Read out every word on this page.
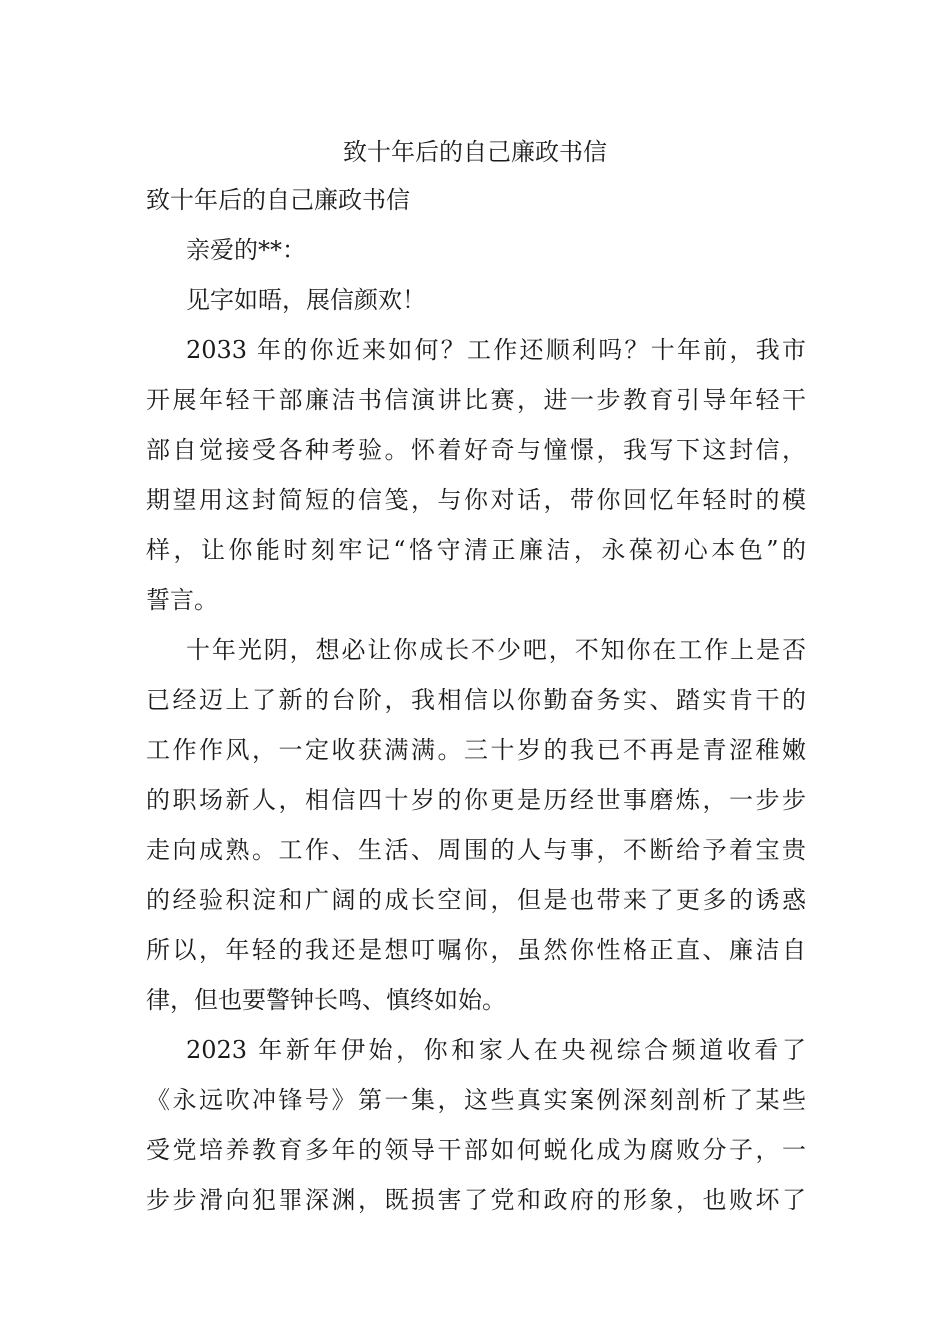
致十年后的自己廉政书信
致十年后的自己廉政书信
亲爱的**：
见字如晤，展信颜欢！
2033 年的你近来如何？工作还顺利吗？十年前，我市
开展年轻干部廉洁书信演讲比赛，进一步教育引导年轻干
部自觉接受各种考验。怀着好奇与憧憬，我写下这封信，
期望用这封简短的信笺，与你对话，带你回忆年轻时的模
样，让你能时刻牢记“恪守清正廉洁，永葆初心本色”的
誓言。
十年光阴，想必让你成长不少吧，不知你在工作上是否
已经迈上了新的台阶，我相信以你勤奋务实、踏实肯干的
工作作风，一定收获满满。三十岁的我已不再是青涩稚嫩
的职场新人，相信四十岁的你更是历经世事磨炼，一步步
走向成熟。工作、生活、周围的人与事，不断给予着宝贵
的经验积淀和广阔的成长空间，但是也带来了更多的诱惑
所以，年轻的我还是想叮嘱你，虽然你性格正直、廉洁自
律，但也要警钟长鸣、慎终如始。
2023 年新年伊始，你和家人在央视综合频道收看了
《永远吹冲锋号》第一集，这些真实案例深刻剖析了某些
受党培养教育多年的领导干部如何蜕化成为腐败分子，一
步步滑向犯罪深渊，既损害了党和政府的形象，也败坏了
